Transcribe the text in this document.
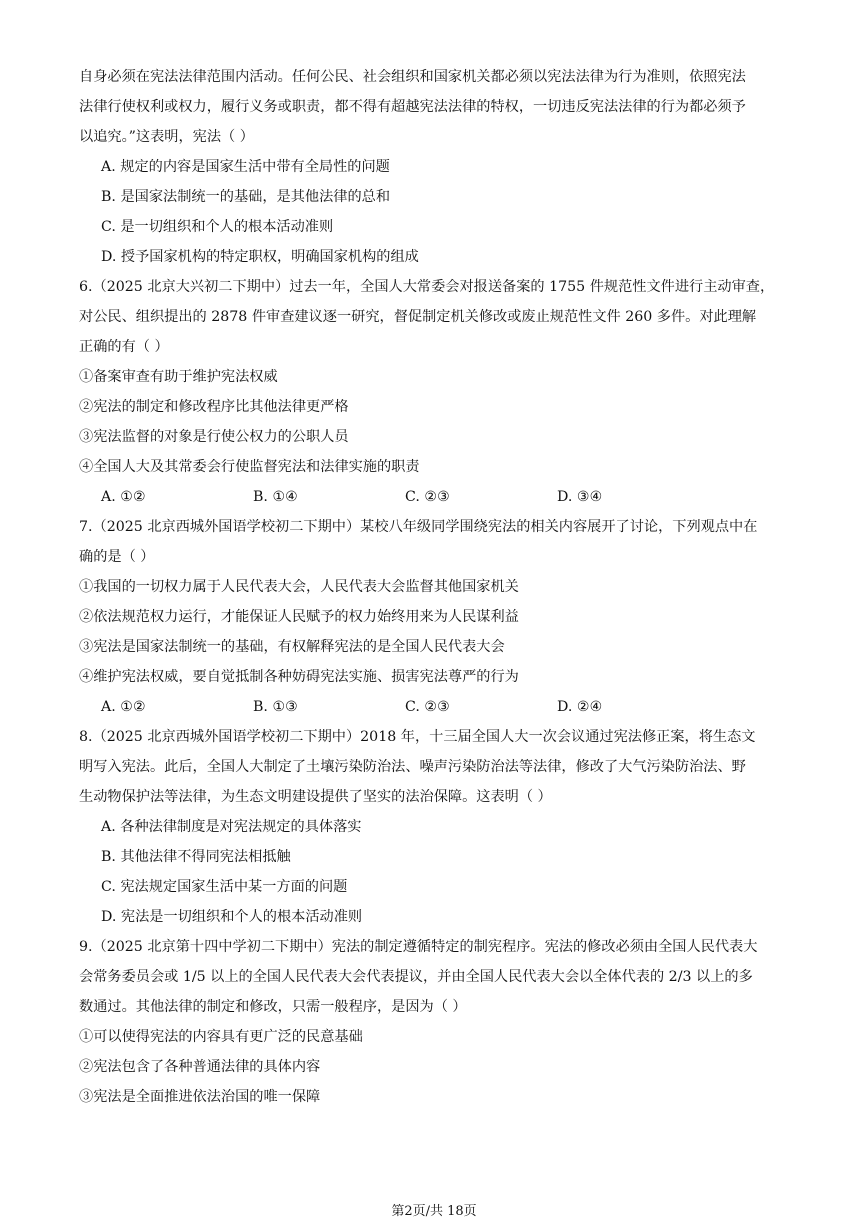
自身必须在宪法法律范围内活动。任何公民、社会组织和国家机关都必须以宪法法律为行为准则，依照宪法
法律行使权利或权力，履行义务或职责，都不得有超越宪法法律的特权，一切违反宪法法律的行为都必须予
以追究。”这表明，宪法（ ）
A. 规定的内容是国家生活中带有全局性的问题
B. 是国家法制统一的基础，是其他法律的总和
C. 是一切组织和个人的根本活动准则
D. 授予国家机构的特定职权，明确国家机构的组成
6.（2025 北京大兴初二下期中）过去一年，全国人大常委会对报送备案的 1755 件规范性文件进行主动审查，
对公民、组织提出的 2878 件审查建议逐一研究，督促制定机关修改或废止规范性文件 260 多件。对此理解
正确的有（ ）
①备案审查有助于维护宪法权威
②宪法的制定和修改程序比其他法律更严格
③宪法监督的对象是行使公权力的公职人员
④全国人大及其常委会行使监督宪法和法律实施的职责
A. ①②	B. ①④	C. ②③	D. ③④
7.（2025 北京西城外国语学校初二下期中）某校八年级同学围绕宪法的相关内容展开了讨论，下列观点中在
确的是（ ）
①我国的一切权力属于人民代表大会，人民代表大会监督其他国家机关
②依法规范权力运行，才能保证人民赋予的权力始终用来为人民谋利益
③宪法是国家法制统一的基础，有权解释宪法的是全国人民代表大会
④维护宪法权威，要自觉抵制各种妨碍宪法实施、损害宪法尊严的行为
A. ①②	B. ①③	C. ②③	D. ②④
8.（2025 北京西城外国语学校初二下期中）2018 年，十三届全国人大一次会议通过宪法修正案，将生态文
明写入宪法。此后，全国人大制定了土壤污染防治法、噪声污染防治法等法律，修改了大气污染防治法、野
生动物保护法等法律，为生态文明建设提供了坚实的法治保障。这表明（ ）
A. 各种法律制度是对宪法规定的具体落实
B. 其他法律不得同宪法相抵触
C. 宪法规定国家生活中某一方面的问题
D. 宪法是一切组织和个人的根本活动准则
9.（2025 北京第十四中学初二下期中）宪法的制定遵循特定的制宪程序。宪法的修改必须由全国人民代表大
会常务委员会或 1/5 以上的全国人民代表大会代表提议，并由全国人民代表大会以全体代表的 2/3 以上的多
数通过。其他法律的制定和修改，只需一般程序，是因为（ ）
①可以使得宪法的内容具有更广泛的民意基础
②宪法包含了各种普通法律的具体内容
③宪法是全面推进依法治国的唯一保障
第2页/共 18页
